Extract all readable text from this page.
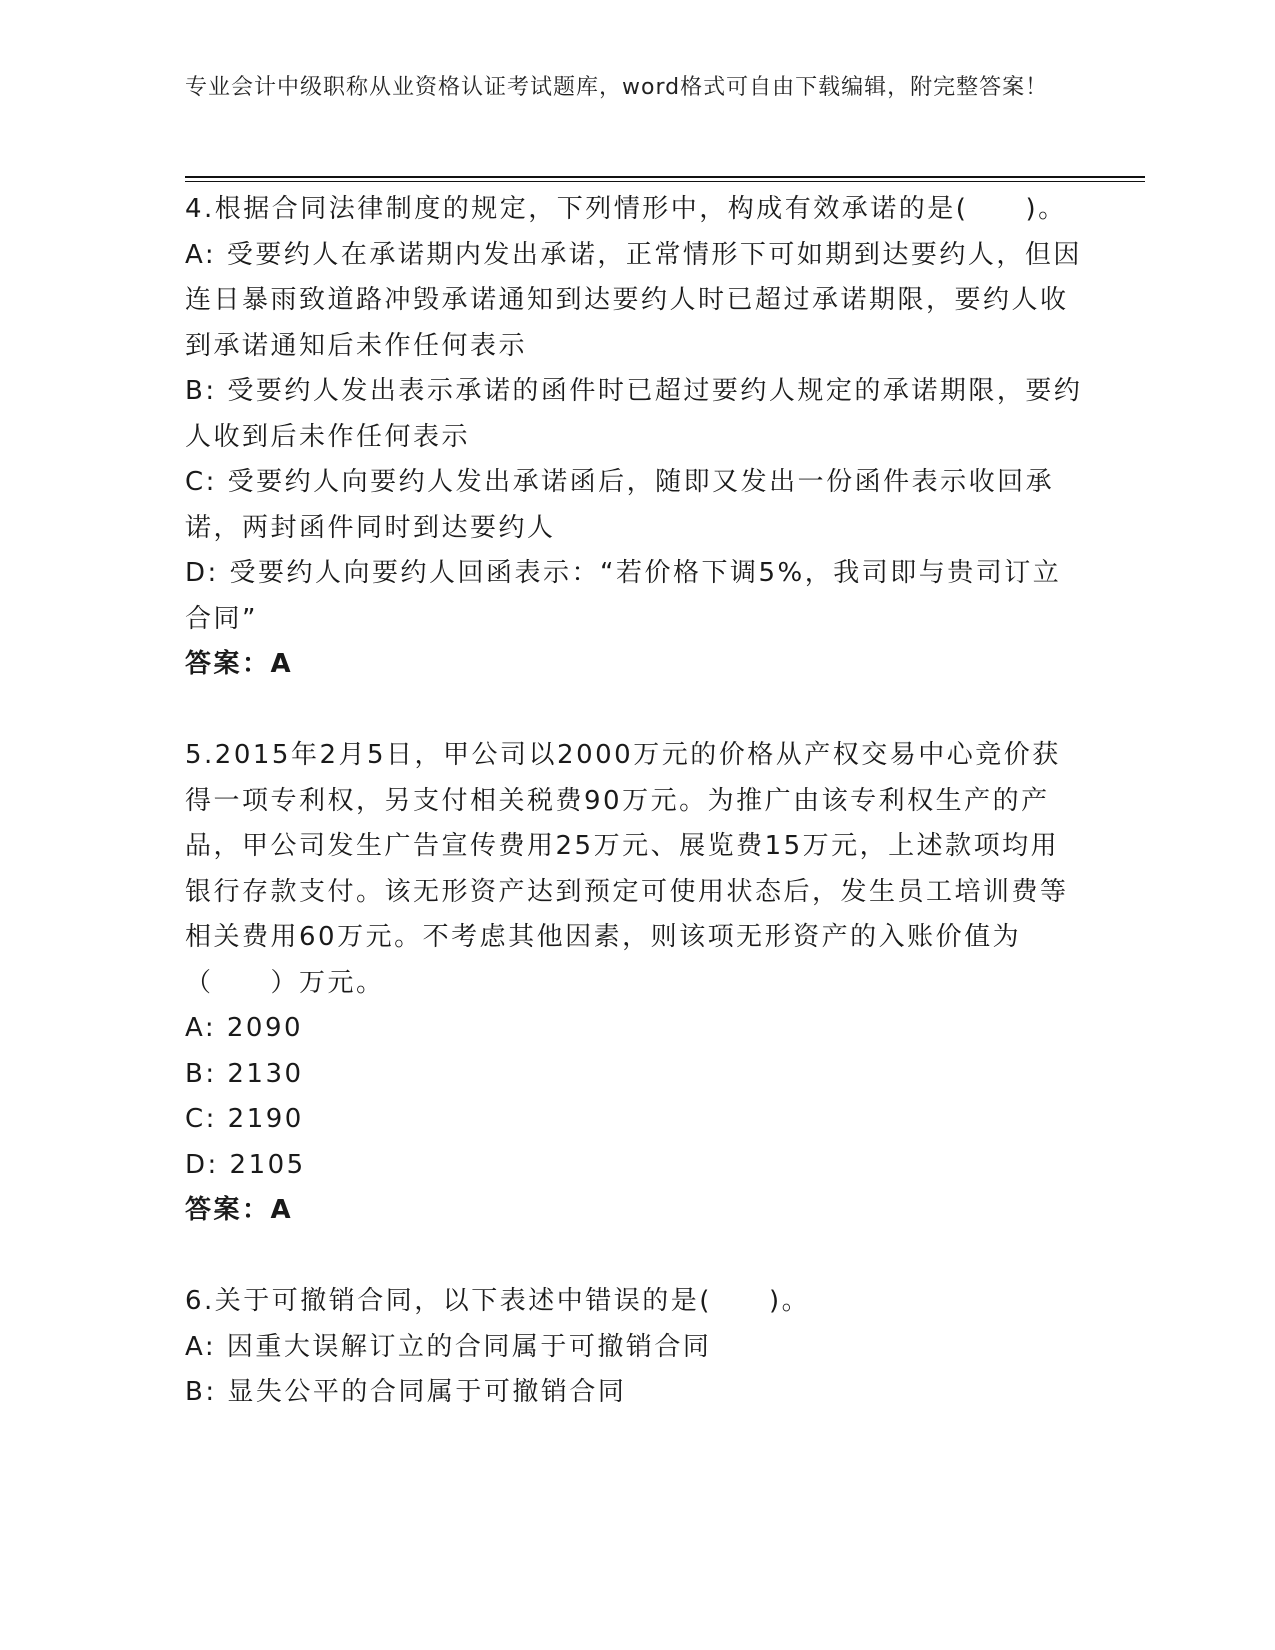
专业会计中级职称从业资格认证考试题库，word格式可自由下载编辑，附完整答案！

4.根据合同法律制度的规定，下列情形中，构成有效承诺的是(　　)。

A: 受要约人在承诺期内发出承诺，正常情形下可如期到达要约人，但因连日暴雨致道路冲毁承诺通知到达要约人时已超过承诺期限，要约人收到承诺通知后未作任何表示

B: 受要约人发出表示承诺的函件时已超过要约人规定的承诺期限，要约人收到后未作任何表示

C: 受要约人向要约人发出承诺函后，随即又发出一份函件表示收回承诺，两封函件同时到达要约人

D: 受要约人向要约人回函表示：“若价格下调5%，我司即与贵司订立合同”

答案：A

5.2015年2月5日，甲公司以2000万元的价格从产权交易中心竞价获得一项专利权，另支付相关税费90万元。为推广由该专利权生产的产品，甲公司发生广告宣传费用25万元、展览费15万元，上述款项均用银行存款支付。该无形资产达到预定可使用状态后，发生员工培训费等相关费用60万元。不考虑其他因素，则该项无形资产的入账价值为（　　）万元。

A: 2090

B: 2130

C: 2190

D: 2105

答案：A

6.关于可撤销合同，以下表述中错误的是(　　)。

A: 因重大误解订立的合同属于可撤销合同

B: 显失公平的合同属于可撤销合同
